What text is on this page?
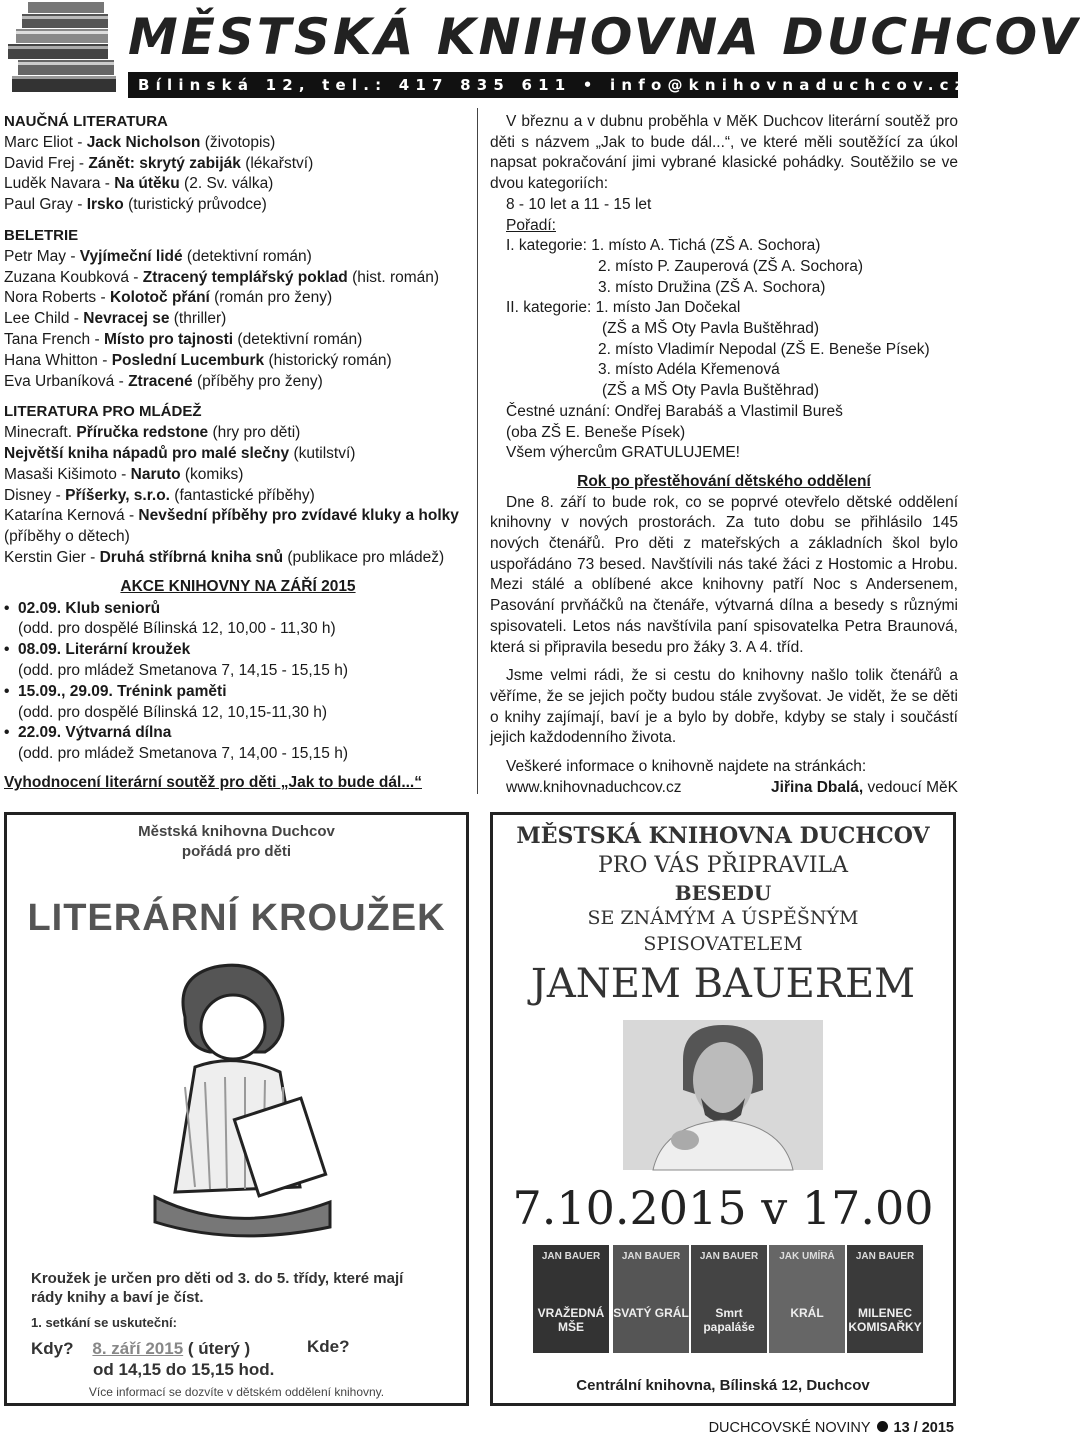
MĚSTSKÁ KNIHOVNA DUCHCOV
Bílinská 12, tel.: 417 835 611 • info@knihovnaduchcov.cz
NAUČNÁ LITERATURA
Marc Eliot - Jack Nicholson (životopis)
David Frej - Zánět: skrytý zabiják (lékařství)
Luděk Navara - Na útěku (2. Sv. válka)
Paul Gray - Irsko (turistický průvodce)
BELETRIE
Petr May - Vyjímeční lidé (detektivní román)
Zuzana Koubková - Ztracený templářský poklad (hist. román)
Nora Roberts - Kolotoč přání (román pro ženy)
Lee Child - Nevracej se (thriller)
Tana French - Místo pro tajnosti (detektivní román)
Hana Whitton - Poslední Lucemburk (historický román)
Eva Urbaníková - Ztracené (příběhy pro ženy)
LITERATURA PRO MLÁDEŽ
Minecraft. Příručka redstone (hry pro děti)
Největší kniha nápadů pro malé slečny (kutilství)
Masaši Kišimoto - Naruto (komiks)
Disney - Příšerky, s.r.o. (fantastické příběhy)
Katarína Kernová - Nevšední příběhy pro zvídavé kluky a holky
(příběhy o dětech)
Kerstin Gier - Druhá stříbrná kniha snů (publikace pro mládež)
AKCE KNIHOVNY NA ZÁŘÍ 2015
• 02.09. Klub seniorů
(odd. pro dospělé Bílinská 12, 10,00 - 11,30 h)
• 08.09. Literární kroužek
(odd. pro mládež Smetanova 7, 14,15 - 15,15 h)
• 15.09., 29.09. Trénink paměti
(odd. pro dospělé Bílinská 12, 10,15-11,30 h)
• 22.09. Výtvarná dílna
(odd. pro mládež Smetanova 7, 14,00 - 15,15 h)
Vyhodnocení literární soutěž pro děti „Jak to bude dál...“
V březnu a v dubnu proběhla v MěK Duchcov literární soutěž pro děti s názvem „Jak to bude dál...“, ve které měli soutěžící za úkol napsat pokračování jimi vybrané klasické pohádky. Soutěžilo se ve dvou kategoriích:
8 - 10 let a 11 - 15 let
Pořadí:
I. kategorie: 1. místo A. Tichá (ZŠ A. Sochora)
2. místo P. Zauperová (ZŠ A. Sochora)
3. místo Družina (ZŠ A. Sochora)
II. kategorie: 1. místo Jan Dočekal
(ZŠ a MŠ Oty Pavla Buštěhrad)
2. místo Vladimír Nepodal (ZŠ E. Beneše Písek)
3. místo Adéla Křemenová
(ZŠ a MŠ Oty Pavla Buštěhrad)
Čestné uznání: Ondřej Barabáš a Vlastimil Bureš
(oba ZŠ E. Beneše Písek)
Všem výhercům GRATULUJEME!
Rok po přestěhování dětského oddělení
Dne 8. září to bude rok, co se poprvé otevřelo dětské oddělení knihovny v nových prostorách. Za tuto dobu se přihlásilo 145 nových čtenářů. Pro děti z mateřských a základních škol bylo uspořádáno 73 besed. Navštívili nás také žáci z Hostomic a Hrobu. Mezi stálé a oblíbené akce knihovny patří Noc s Andersenem, Pasování prvňáčků na čtenáře, výtvarná dílna a besedy s různými spisovateli. Letos nás navštívila paní spisovatelka Petra Braunová, která si připravila besedu pro žáky 3. A 4. tříd.
Jsme velmi rádi, že si cestu do knihovny našlo tolik čtenářů a věříme, že se jejich počty budou stále zvyšovat. Je vidět, že se děti o knihy zajímají, baví je a bylo by dobře, kdyby se staly i součástí jejich každodenního života.
Veškeré informace o knihovně najdete na stránkách:
www.knihovnaduchcov.cz	Jiřina Dbalá, vedoucí MěK
Městská knihovna Duchcov
pořádá pro děti
LITERÁRNÍ KROUŽEK
Kroužek je určen pro děti od 3. do 5. třídy, které mají
rády knihy a baví je číst.
1. setkání se uskuteční:
Kdy? 8. září 2015 ( úterý )
od 14,15 do 15,15 hod.
Více informací se dozvíte v dětském oddělení knihovny.
Kde?
MĚSTSKÁ KNIHOVNA DUCHCOV
PRO VÁS PŘIPRAVILA
BESEDU
SE ZNÁMÝM A ÚSPĚŠNÝM
SPISOVATELEM
JANEM BAUEREM
7.10.2015 v 17.00
JAN BAUER
VRAŽEDNÁ MŠE
JAN BAUER
SVATÝ GRÁL
JAN BAUER
Smrt papaláše
JAK UMÍRÁ
KRÁL
JAN BAUER
MILENEC KOMISAŘKY
Centrální knihovna, Bílinská 12, Duchcov
DUCHCOVSKÉ NOVINY 13 / 2015
